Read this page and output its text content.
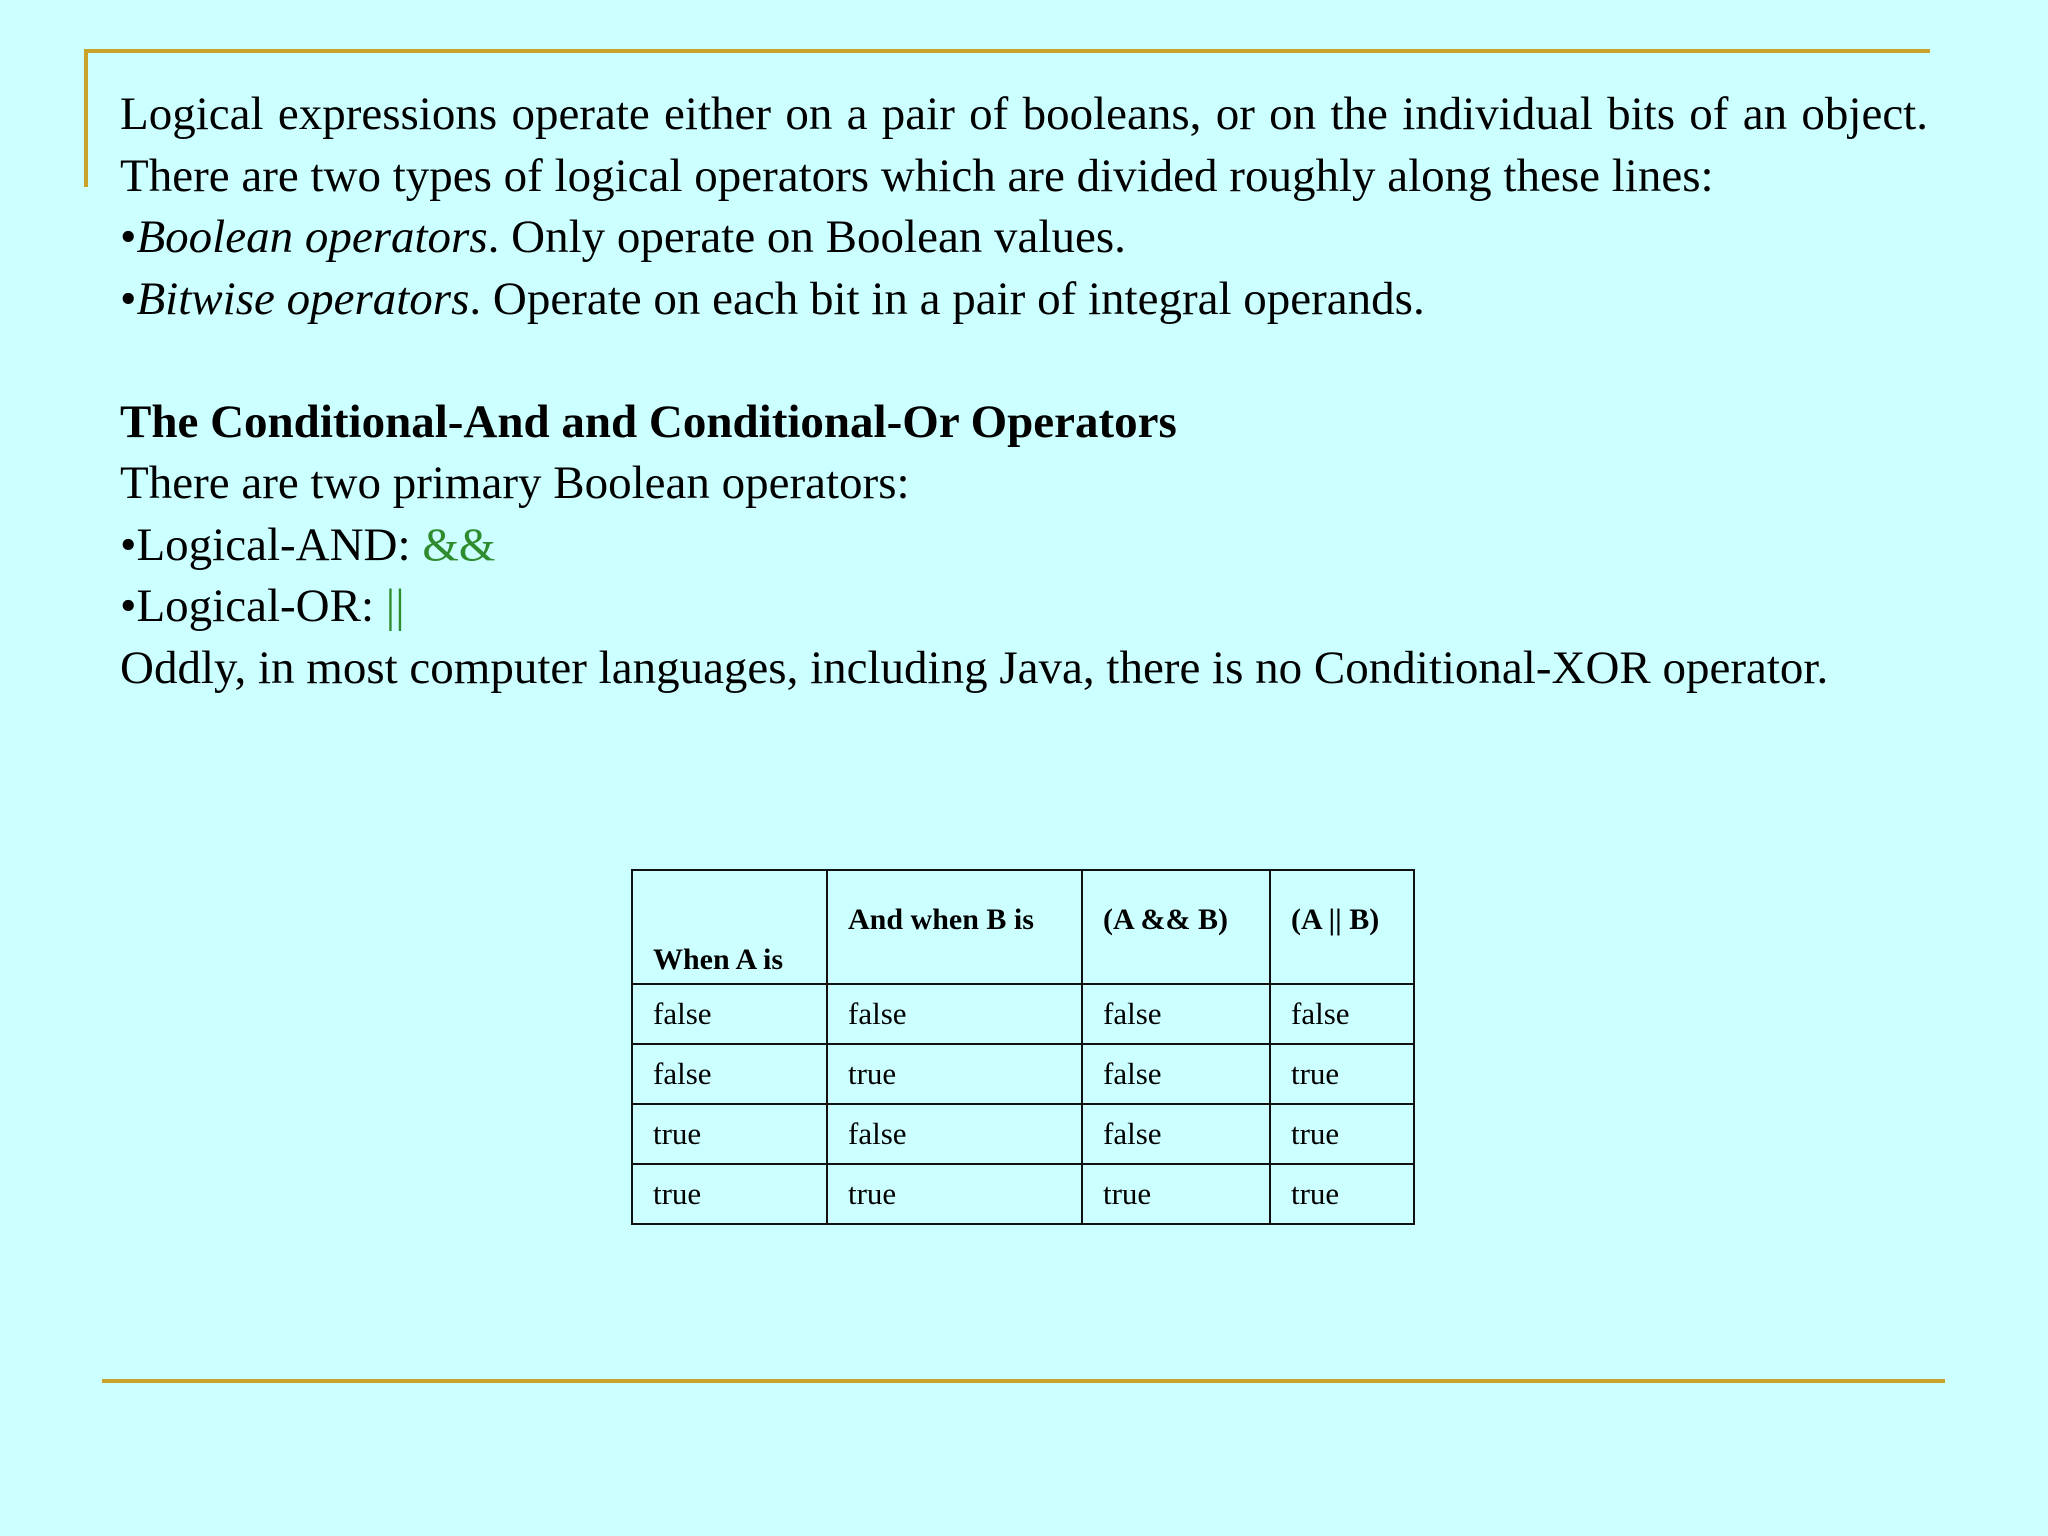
Logical expressions operate either on a pair of booleans, or on the individual bits of an object. There are two types of logical operators which are divided roughly along these lines:

•Boolean operators. Only operate on Boolean values.

•Bitwise operators. Operate on each bit in a pair of integral operands.

The Conditional-And and Conditional-Or Operators

There are two primary Boolean operators:

•Logical-AND: &&

•Logical-OR: ||

Oddly, in most computer languages, including Java, there is no Conditional-XOR operator.

When A is	And when B is	(A && B)	(A || B)
false	false	false	false
false	true	false	true
true	false	false	true
true	true	true	true
